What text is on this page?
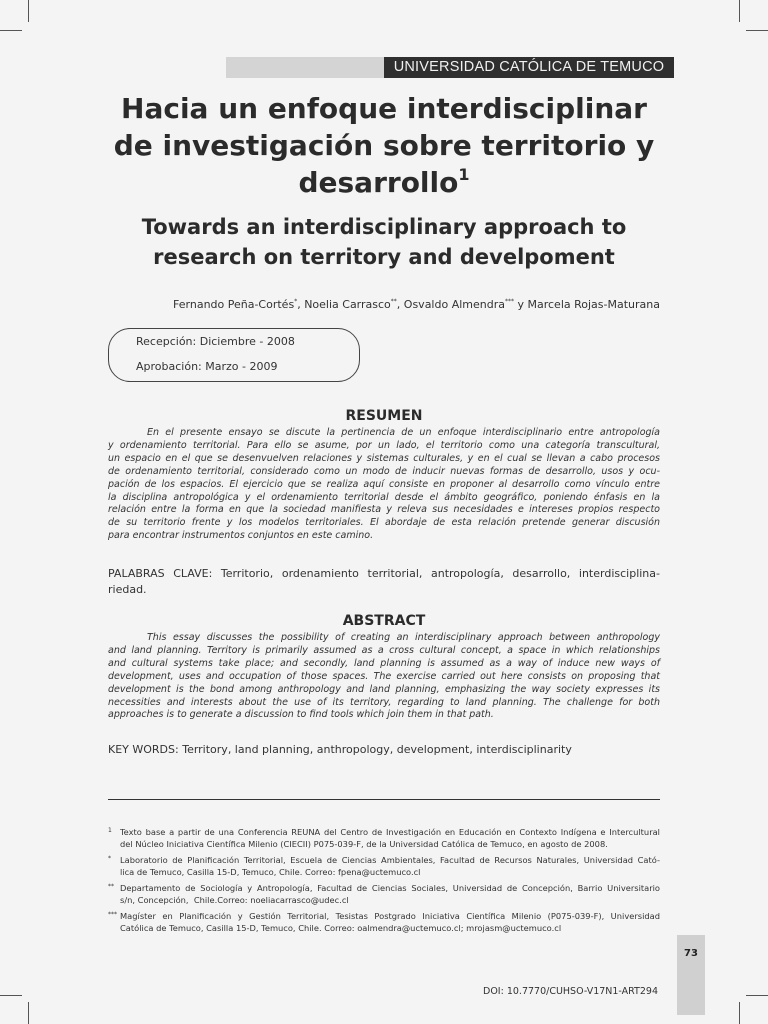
UNIVERSIDAD CATÓLICA DE TEMUCO
Hacia un enfoque interdisciplinar
de investigación sobre territorio y
desarrollo$^1$
Towards an interdisciplinary approach to
research on territory and develpoment
Fernando Peña-Cortés*, Noelia Carrasco**, Osvaldo Almendra*** y Marcela Rojas-Maturana
Recepción: Diciembre - 2008
Aprobación: Marzo - 2009
RESUMEN
En el presente ensayo se discute la pertinencia de un enfoque interdisciplinario entre antropología
y ordenamiento territorial. Para ello se asume, por un lado, el territorio como una categoría transcultural,
un espacio en el que se desenvuelven relaciones y sistemas culturales, y en el cual se llevan a cabo procesos
de ordenamiento territorial, considerado como un modo de inducir nuevas formas de desarrollo, usos y ocu-
pación de los espacios. El ejercicio que se realiza aquí consiste en proponer al desarrollo como vínculo entre
la disciplina antropológica y el ordenamiento territorial desde el ámbito geográfico, poniendo énfasis en la
relación entre la forma en que la sociedad manifiesta y releva sus necesidades e intereses propios respecto
de su territorio frente y los modelos territoriales. El abordaje de esta relación pretende generar discusión
para encontrar instrumentos conjuntos en este camino.
PALABRAS CLAVE: Territorio, ordenamiento territorial, antropología, desarrollo, interdisciplina-
riedad.
ABSTRACT
This essay discusses the possibility of creating an interdisciplinary approach between anthropology
and land planning. Territory is primarily assumed as a cross cultural concept, a space in which relationships
and cultural systems take place; and secondly, land planning is assumed as a way of induce new ways of
development, uses and occupation of those spaces. The exercise carried out here consists on proposing that
development is the bond among anthropology and land planning, emphasizing the way society expresses its
necessities and interests about the use of its territory, regarding to land planning. The challenge for both
approaches is to generate a discussion to find tools which join them in that path.
KEY WORDS: Territory, land planning, anthropology, development, interdisciplinarity
1 Texto base a partir de una Conferencia REUNA del Centro de Investigación en Educación en Contexto Indígena e Intercultural
del Núcleo Iniciativa Científica Milenio (CIECII) P075-039-F, de la Universidad Católica de Temuco, en agosto de 2008.
* Laboratorio de Planificación Territorial, Escuela de Ciencias Ambientales, Facultad de Recursos Naturales, Universidad Cató-
lica de Temuco, Casilla 15-D, Temuco, Chile. Correo: fpena@uctemuco.cl
** Departamento de Sociología y Antropología, Facultad de Ciencias Sociales, Universidad de Concepción, Barrio Universitario
s/n, Concepción,  Chile.Correo: noeliacarrasco@udec.cl
*** Magíster en Planificación y Gestión Territorial, Tesistas Postgrado Iniciativa Científica Milenio (P075-039-F), Universidad
Católica de Temuco, Casilla 15-D, Temuco, Chile. Correo: oalmendra@uctemuco.cl; mrojasm@uctemuco.cl
73
DOI: 10.7770/CUHSO-V17N1-ART294
